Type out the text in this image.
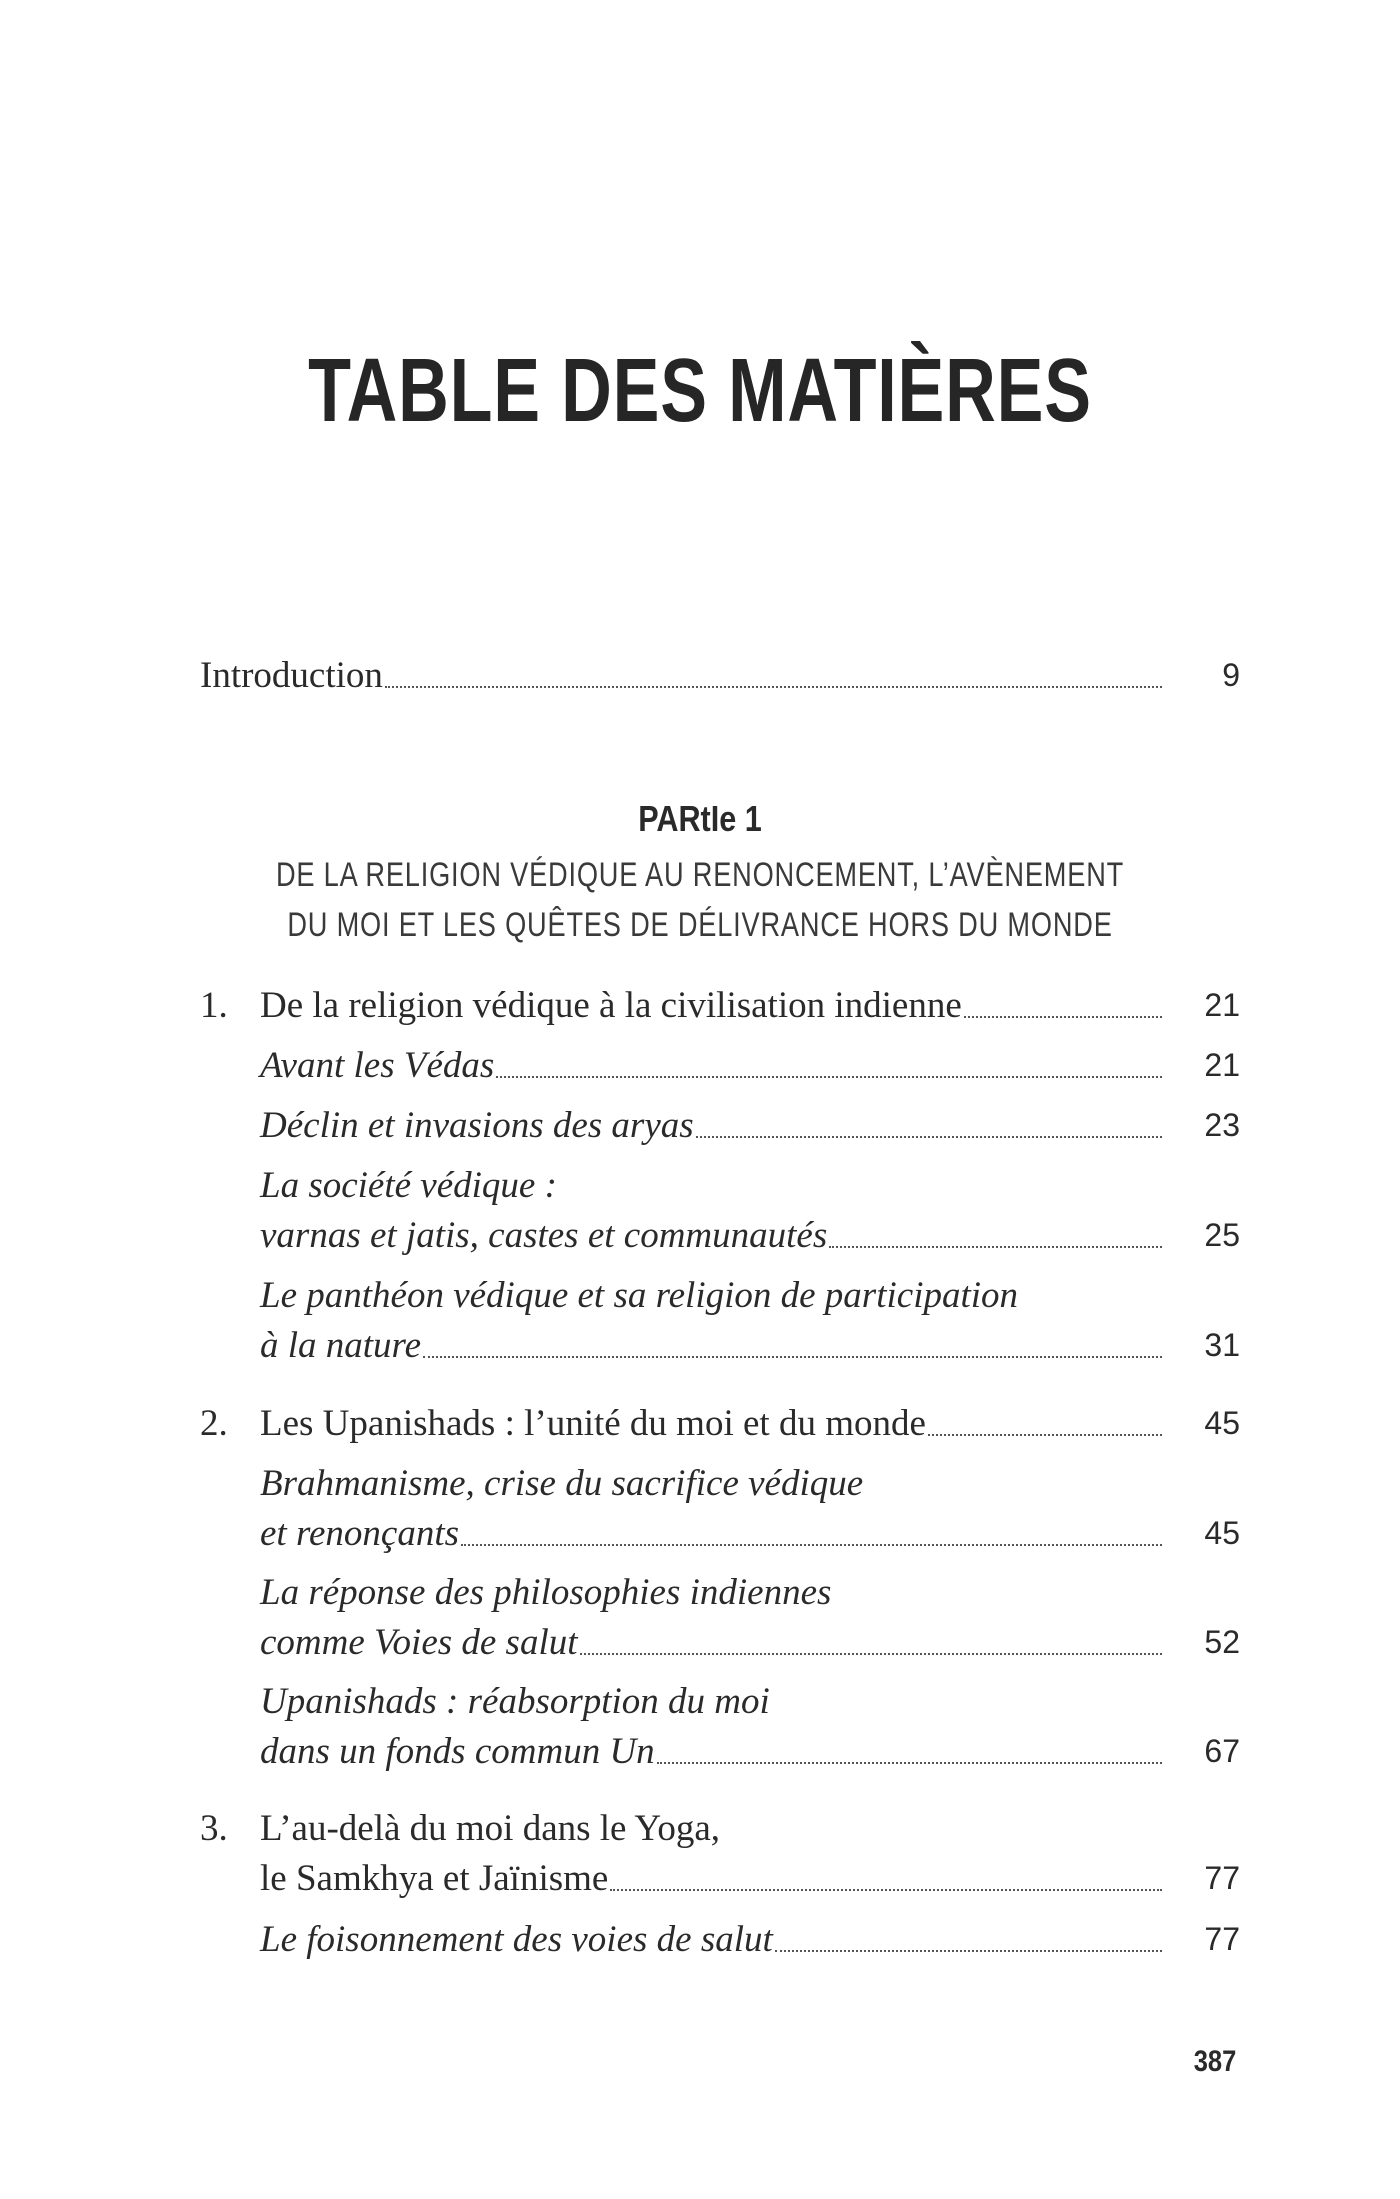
TABLE DES MATIÈRES
Introduction	9
PARtIe 1
DE LA RELIGION VÉDIQUE AU RENONCEMENT, L’AVÈNEMENT
DU MOI ET LES QUÊTES DE DÉLIVRANCE HORS DU MONDE
1. De la religion védique à la civilisation indienne	21
Avant les Védas	21
Déclin et invasions des aryas	23
La société védique :
varnas et jatis, castes et communautés	25
Le panthéon védique et sa religion de participation
à la nature	31
2. Les Upanishads : l’unité du moi et du monde	45
Brahmanisme, crise du sacrifice védique
et renonçants	45
La réponse des philosophies indiennes
comme Voies de salut	52
Upanishads : réabsorption du moi
dans un fonds commun Un	67
3. L’au-delà du moi dans le Yoga,
le Samkhya et Jaïnisme	77
Le foisonnement des voies de salut	77
387
